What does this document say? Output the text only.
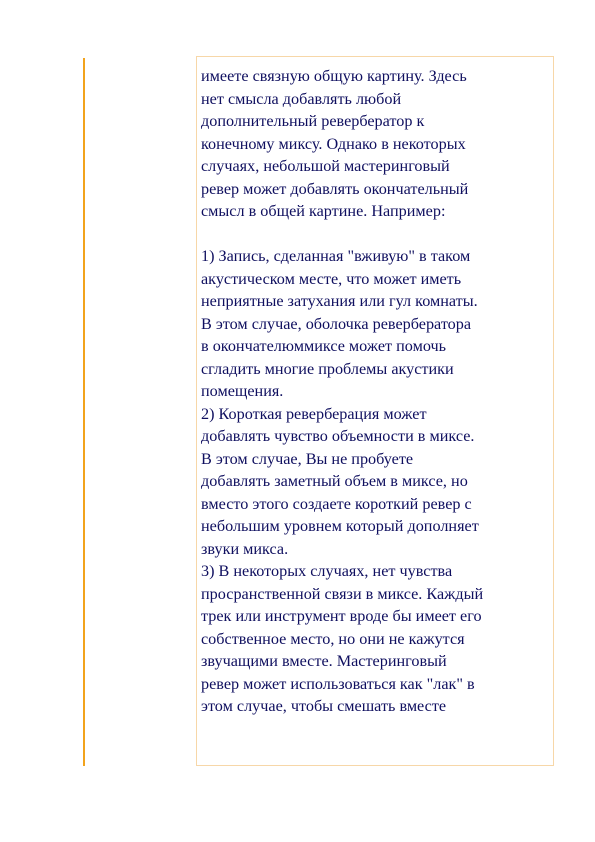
имеете связную общую картину. Здесь
нет смысла добавлять любой
дополнительный ревербератор к
конечному миксу. Однако в некоторых
случаях, небольшой мастеринговый
ревер может добавлять окончательный
смысл в общей картине. Например:
1) Запись, сделанная "вживую" в таком
акустическом месте, что может иметь
неприятные затухания или гул комнаты.
В этом случае, оболочка ревербератора
в окончателюммиксе может помочь
сгладить многие проблемы акустики
помещения.
2) Короткая реверберация может
добавлять чувство объемности в миксе.
В этом случае, Вы не пробуете
добавлять заметный объем в миксе, но
вместо этого создаете короткий ревер с
небольшим уровнем который дополняет
звуки микса.
3) В некоторых случаях, нет чувства
просранственной связи в миксе. Каждый
трек или инструмент вроде бы имеет его
собственное место, но они не кажутся
звучащими вместе. Мастеринговый
ревер может использоваться как "лак" в
этом случае, чтобы смешать вместе
